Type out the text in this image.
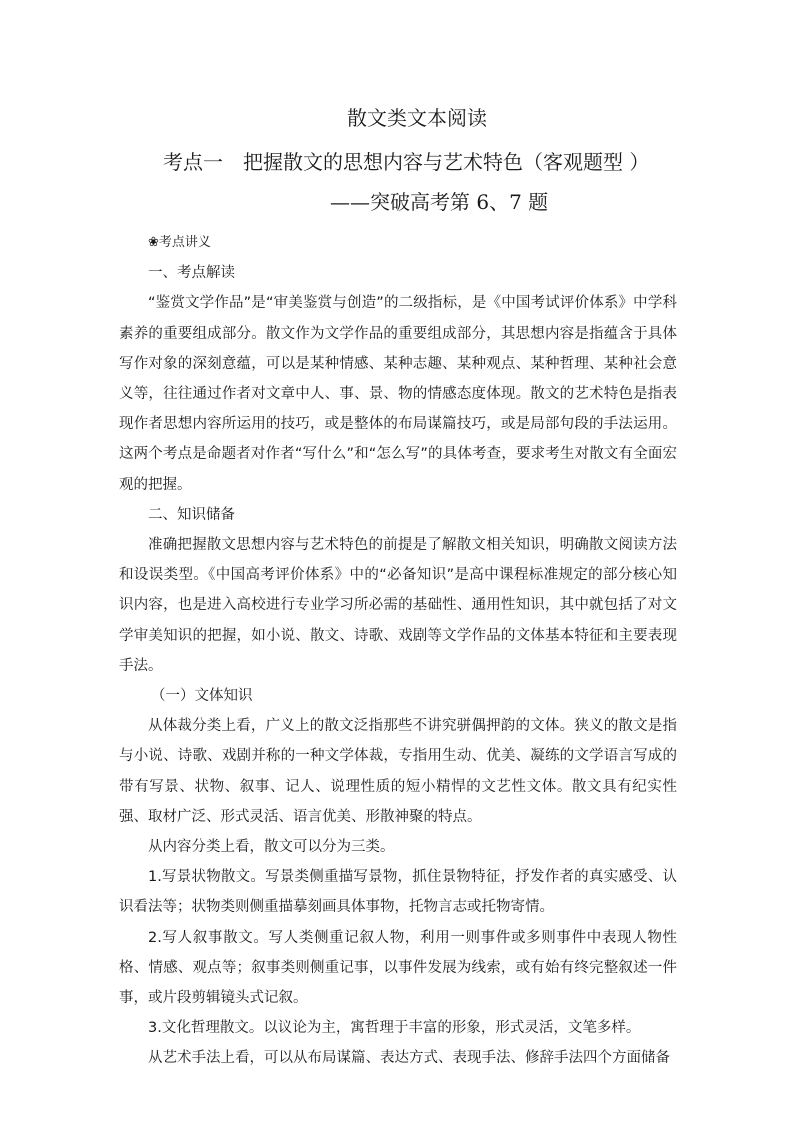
散文类文本阅读
考点一　把握散文的思想内容与艺术特色（客观题型 ）
——突破高考第 6、7 题

❀考点讲义

一、考点解读

“鉴赏文学作品”是“审美鉴赏与创造”的二级指标，是《中国考试评价体系》中学科素养的重要组成部分。散文作为文学作品的重要组成部分，其思想内容是指蕴含于具体写作对象的深刻意蕴，可以是某种情感、某种志趣、某种观点、某种哲理、某种社会意义等，往往通过作者对文章中人、事、景、物的情感态度体现。散文的艺术特色是指表现作者思想内容所运用的技巧，或是整体的布局谋篇技巧，或是局部句段的手法运用。这两个考点是命题者对作者“写什么”和“怎么写”的具体考查，要求考生对散文有全面宏观的把握。

二、知识储备

准确把握散文思想内容与艺术特色的前提是了解散文相关知识，明确散文阅读方法和设误类型。《中国高考评价体系》中的“必备知识”是高中课程标准规定的部分核心知识内容，也是进入高校进行专业学习所必需的基础性、通用性知识，其中就包括了对文学审美知识的把握，如小说、散文、诗歌、戏剧等文学作品的文体基本特征和主要表现手法。

（一）文体知识

从体裁分类上看，广义上的散文泛指那些不讲究骈偶押韵的文体。狭义的散文是指与小说、诗歌、戏剧并称的一种文学体裁，专指用生动、优美、凝练的文学语言写成的带有写景、状物、叙事、记人、说理性质的短小精悍的文艺性文体。散文具有纪实性强、取材广泛、形式灵活、语言优美、形散神聚的特点。

从内容分类上看，散文可以分为三类。

1.写景状物散文。写景类侧重描写景物，抓住景物特征，抒发作者的真实感受、认识看法等；状物类则侧重描摹刻画具体事物，托物言志或托物寄情。

2.写人叙事散文。写人类侧重记叙人物，利用一则事件或多则事件中表现人物性格、情感、观点等；叙事类则侧重记事，以事件发展为线索，或有始有终完整叙述一件事，或片段剪辑镜头式记叙。

3.文化哲理散文。以议论为主，寓哲理于丰富的形象，形式灵活，文笔多样。

从艺术手法上看，可以从布局谋篇、表达方式、表现手法、修辞手法四个方面储备
